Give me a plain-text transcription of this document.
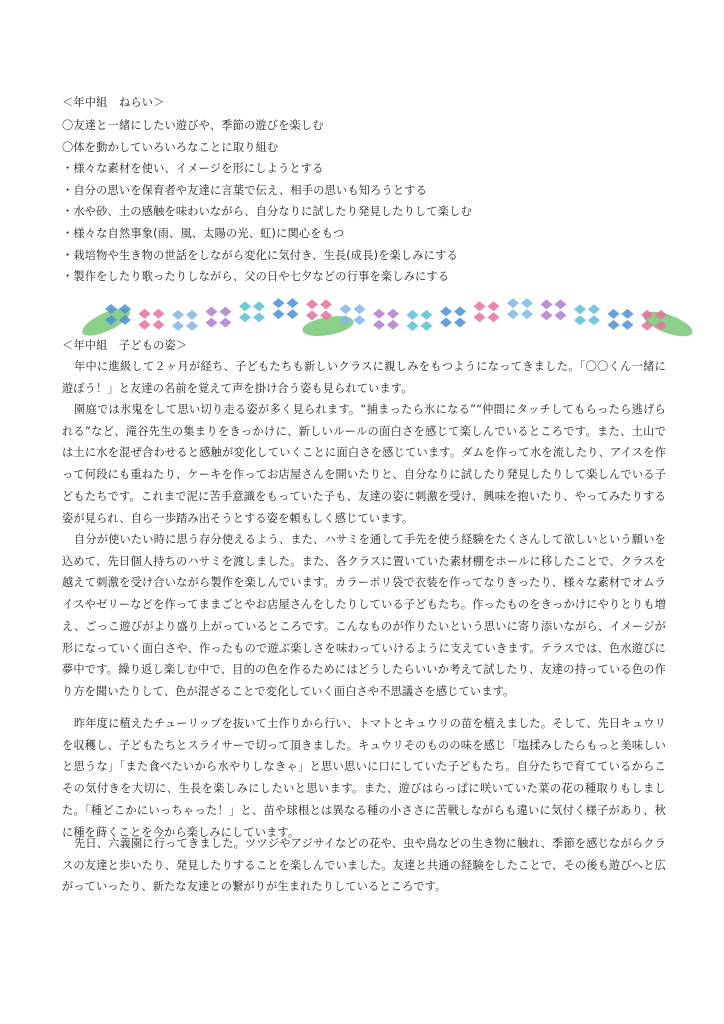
＜年中組　ねらい＞
〇友達と一緒にしたい遊びや、季節の遊びを楽しむ
〇体を動かしていろいろなことに取り組む
・様々な素材を使い、イメージを形にしようとする
・自分の思いを保育者や友達に言葉で伝え、相手の思いも知ろうとする
・水や砂、土の感触を味わいながら、自分なりに試したり発見したりして楽しむ
・様々な自然事象(雨、風、太陽の光、虹)に関心をもつ
・栽培物や生き物の世話をしながら変化に気付き、生長(成長)を楽しみにする
・製作をしたり歌ったりしながら、父の日や七夕などの行事を楽しみにする
＜年中組　子どもの姿＞

年中に進級して２ヶ月が経ち、子どもたちも新しいクラスに親しみをもつようになってきました。「〇〇くん一緒に遊ぼう！」と友達の名前を覚えて声を掛け合う姿も見られています。

園庭では氷鬼をして思い切り走る姿が多く見られます。“捕まったら氷になる”“仲間にタッチしてもらったら逃げられる”など、滝谷先生の集まりをきっかけに、新しいルールの面白さを感じて楽しんでいるところです。また、土山では土に水を混ぜ合わせると感触が変化していくことに面白さを感じています。ダムを作って水を流したり、アイスを作って何段にも重ねたり、ケーキを作ってお店屋さんを開いたりと、自分なりに試したり発見したりして楽しんでいる子どもたちです。これまで泥に苦手意識をもっていた子も、友達の姿に刺激を受け、興味を抱いたり、やってみたりする姿が見られ、自ら一歩踏み出そうとする姿を頼もしく感じています。

自分が使いたい時に思う存分使えるよう、また、ハサミを通して手先を使う経験をたくさんして欲しいという願いを込めて、先日個人持ちのハサミを渡しました。また、各クラスに置いていた素材棚をホールに移したことで、クラスを越えて刺激を受け合いながら製作を楽しんでいます。カラーポリ袋で衣装を作ってなりきったり、様々な素材でオムライスやゼリーなどを作ってままごとやお店屋さんをしたりしている子どもたち。作ったものをきっかけにやりとりも増え、ごっこ遊びがより盛り上がっているところです。こんなものが作りたいという思いに寄り添いながら、イメージが形になっていく面白さや、作ったもので遊ぶ楽しさを味わっていけるように支えていきます。テラスでは、色水遊びに夢中です。繰り返し楽しむ中で、目的の色を作るためにはどうしたらいいか考えて試したり、友達の持っている色の作り方を聞いたりして、色が混ざることで変化していく面白さや不思議さを感じています。

昨年度に植えたチューリップを抜いて土作りから行い、トマトとキュウリの苗を植えました。そして、先日キュウリを収穫し、子どもたちとスライサーで切って頂きました。キュウリそのものの味を感じ「塩揉みしたらもっと美味しいと思うな」「また食べたいから水やりしなきゃ」と思い思いに口にしていた子どもたち。自分たちで育てているからこその気付きを大切に、生長を楽しみにしたいと思います。また、遊びはらっぱに咲いていた菜の花の種取りもしました。「種どこかにいっちゃった！」と、苗や球根とは異なる種の小ささに苦戦しながらも違いに気付く様子があり、秋に種を蒔くことを今から楽しみにしています。

先日、六義園に行ってきました。ツツジやアジサイなどの花や、虫や鳥などの生き物に触れ、季節を感じながらクラスの友達と歩いたり、発見したりすることを楽しんでいました。友達と共通の経験をしたことで、その後も遊びへと広がっていったり、新たな友達との繋がりが生まれたりしているところです。
